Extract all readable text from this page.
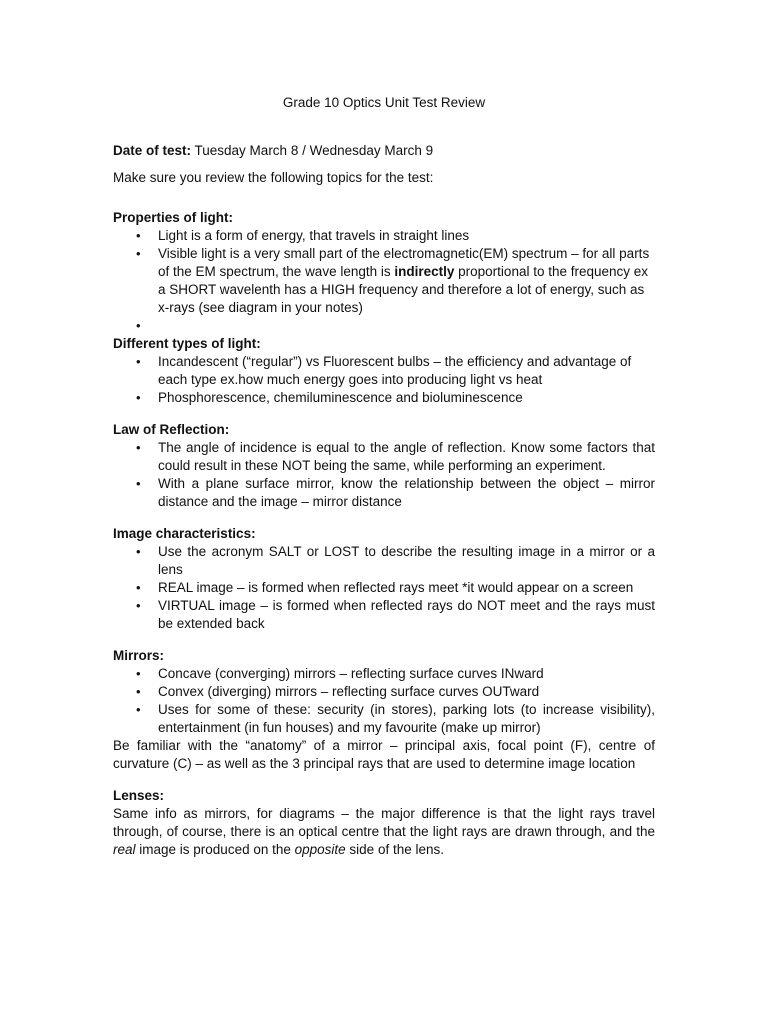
Grade 10 Optics Unit Test Review
Date of test: Tuesday March 8 / Wednesday March 9
Make sure you review the following topics for the test:
Properties of light:
• Light is a form of energy, that travels in straight lines
• Visible light is a very small part of the electromagnetic(EM) spectrum – for all parts of the EM spectrum, the wave length is indirectly proportional to the frequency ex a SHORT wavelenth has a HIGH frequency and therefore a lot of energy, such as x-rays (see diagram in your notes)
•

Different types of light:
• Incandescent (“regular”) vs Fluorescent bulbs – the efficiency and advantage of each type ex.how much energy goes into producing light vs heat
• Phosphorescence, chemiluminescence and bioluminescence
Law of Reflection:
• The angle of incidence is equal to the angle of reflection. Know some factors that could result in these NOT being the same, while performing an experiment.
• With a plane surface mirror, know the relationship between the object – mirror distance and the image – mirror distance
Image characteristics:
• Use the acronym SALT or LOST to describe the resulting image in a mirror or a lens
• REAL image – is formed when reflected rays meet *it would appear on a screen
• VIRTUAL image – is formed when reflected rays do NOT meet and the rays must be extended back
Mirrors:
• Concave (converging) mirrors – reflecting surface curves INward
• Convex (diverging) mirrors – reflecting surface curves OUTward
• Uses for some of these: security (in stores), parking lots (to increase visibility), entertainment (in fun houses) and my favourite (make up mirror)
Be familiar with the “anatomy” of a mirror – principal axis, focal point (F), centre of curvature (C) – as well as the 3 principal rays that are used to determine image location
Lenses:
Same info as mirrors, for diagrams – the major difference is that the light rays travel through, of course, there is an optical centre that the light rays are drawn through, and the real image is produced on the opposite side of the lens.
